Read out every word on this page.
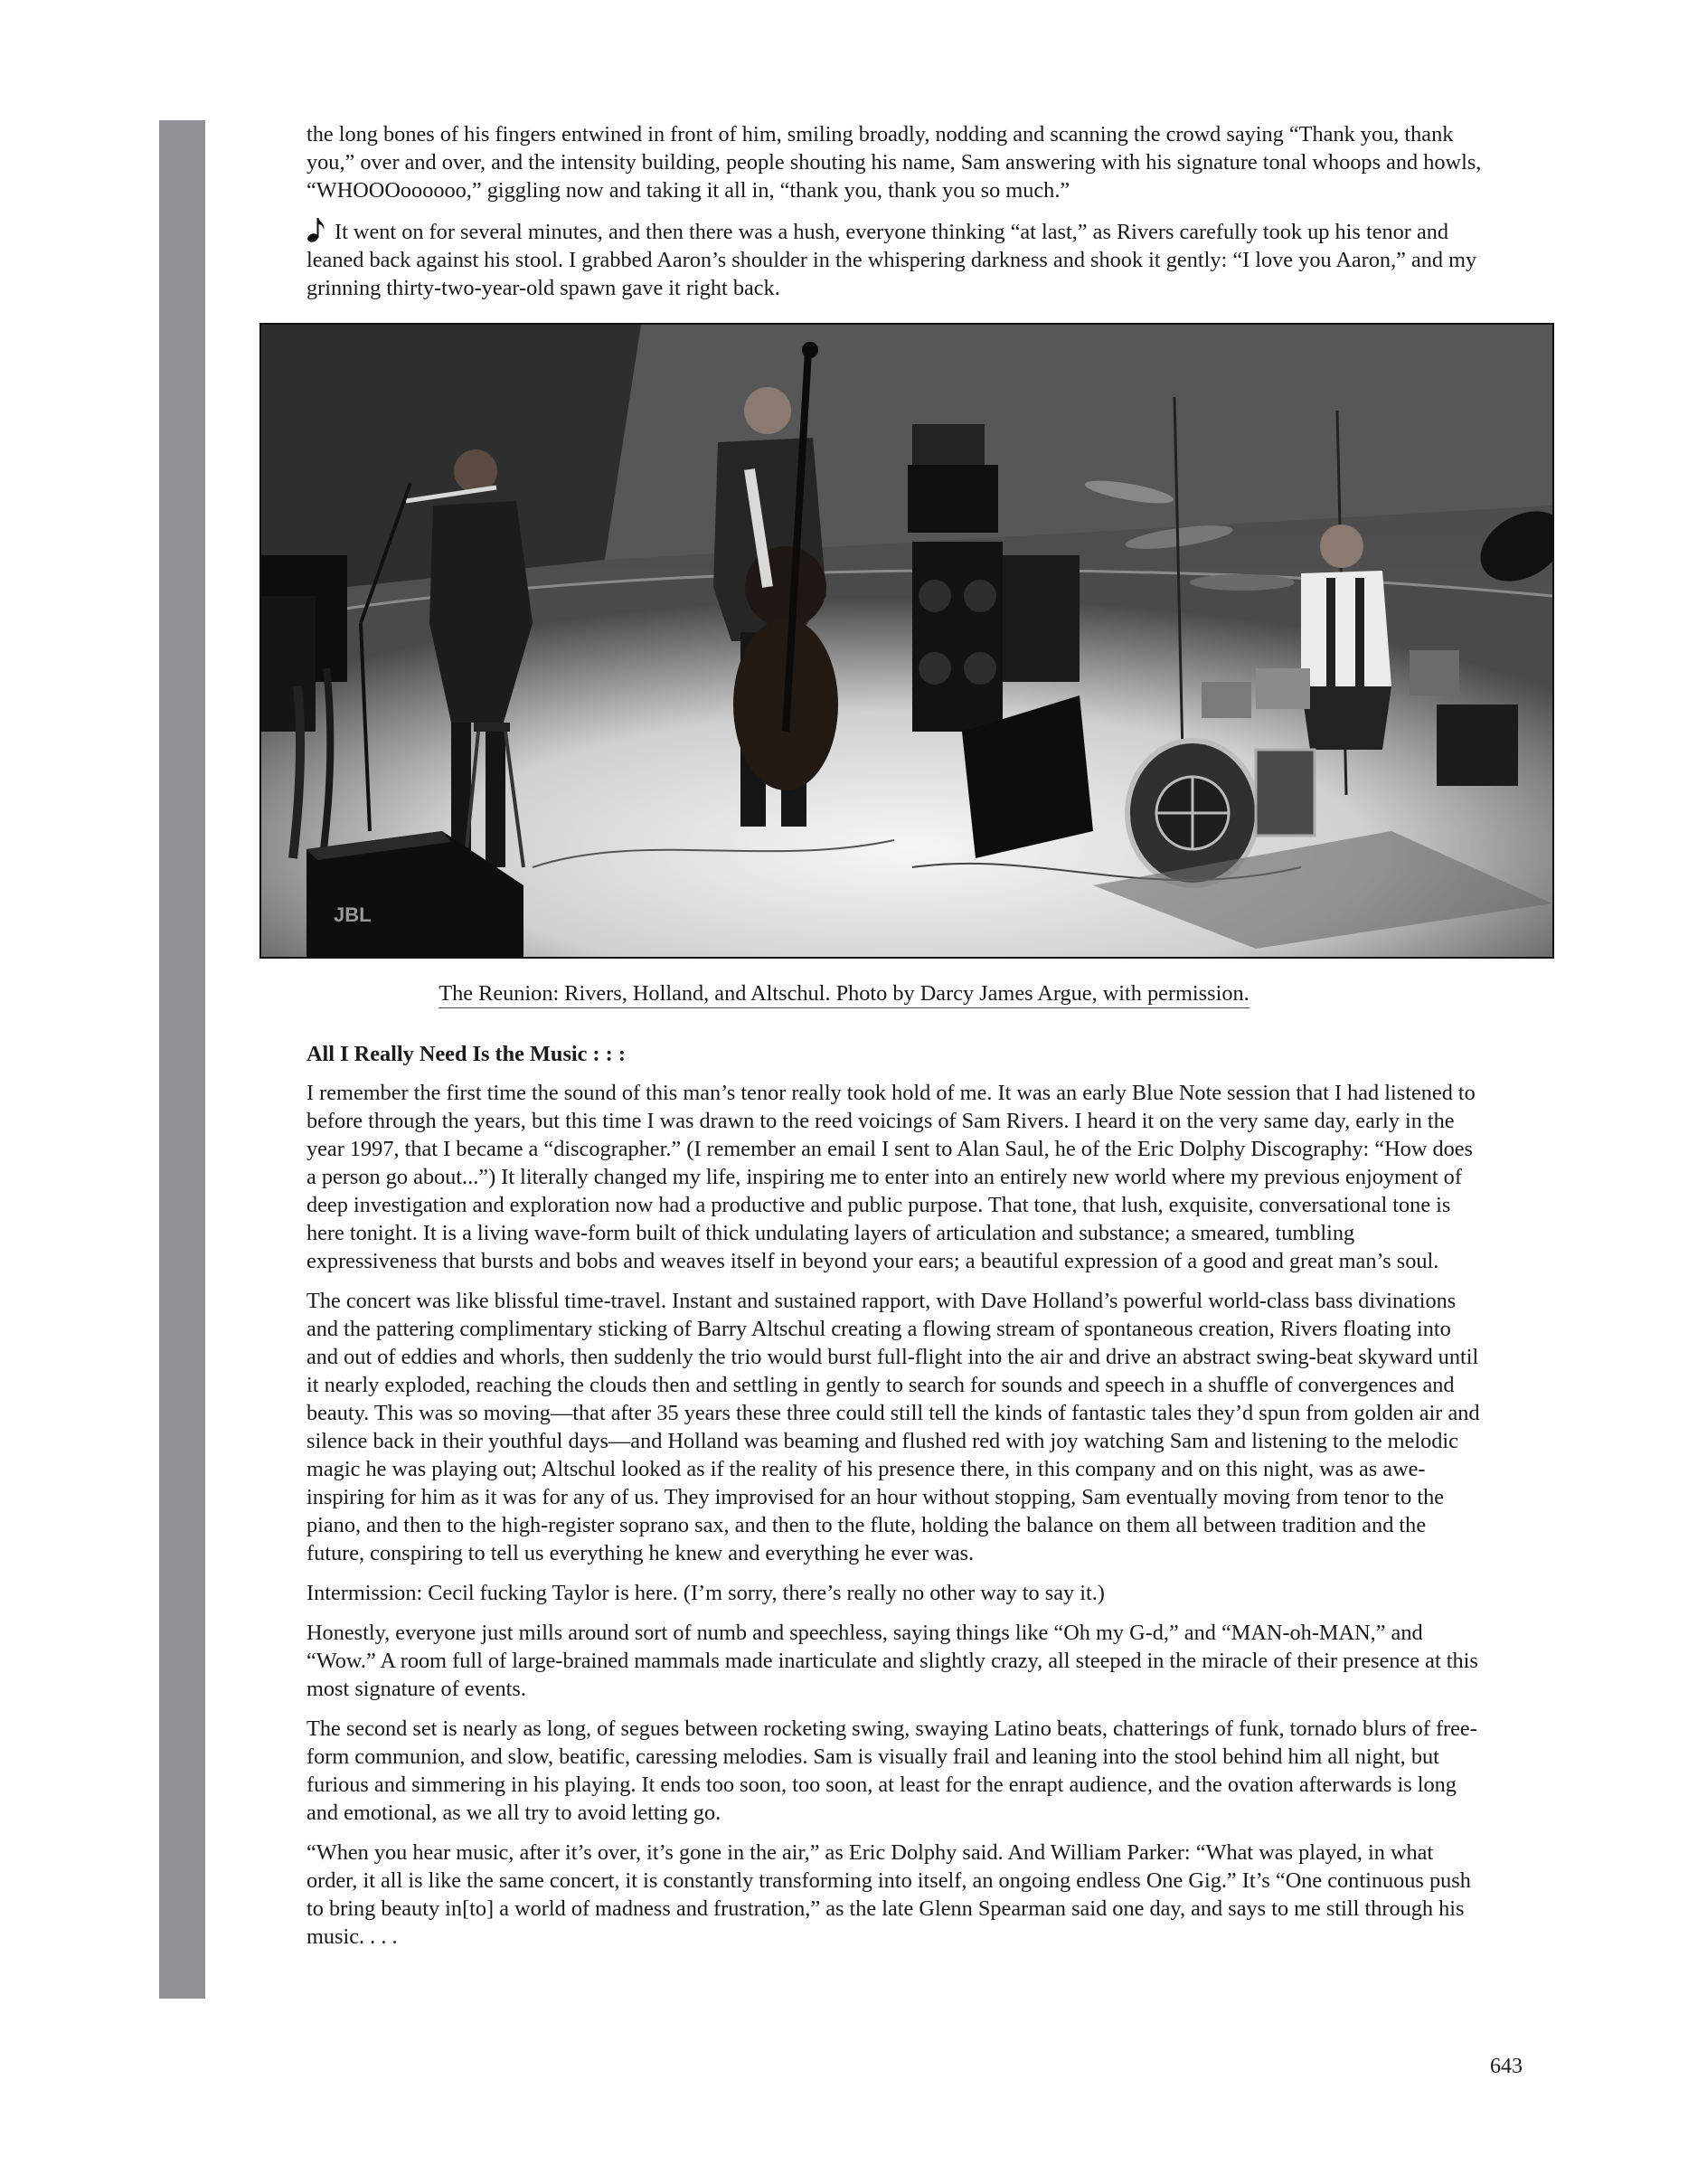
the long bones of his fingers entwined in front of him, smiling broadly, nodding and scanning the crowd saying “Thank you, thank you,” over and over, and the intensity building, people shouting his name, Sam answering with his signature tonal whoops and howls, “WHOOOoooooo,” giggling now and taking it all in, “thank you, thank you so much.”

It went on for several minutes, and then there was a hush, everyone thinking “at last,” as Rivers carefully took up his tenor and leaned back against his stool. I grabbed Aaron’s shoulder in the whispering darkness and shook it gently: “I love you Aaron,” and my grinning thirty-two-year-old spawn gave it right back.

JBL
The Reunion: Rivers, Holland, and Altschul. Photo by Darcy James Argue, with permission.

All I Really Need Is the Music : : :

I remember the first time the sound of this man’s tenor really took hold of me. It was an early Blue Note session that I had listened to before through the years, but this time I was drawn to the reed voicings of Sam Rivers. I heard it on the very same day, early in the year 1997, that I became a “discographer.” (I remember an email I sent to Alan Saul, he of the Eric Dolphy Discography: “How does a person go about...”) It literally changed my life, inspiring me to enter into an entirely new world where my previous enjoyment of deep investigation and exploration now had a productive and public purpose. That tone, that lush, exquisite, conversational tone is here tonight. It is a living wave-form built of thick undulating layers of articulation and substance; a smeared, tumbling expressiveness that bursts and bobs and weaves itself in beyond your ears; a beautiful expression of a good and great man’s soul.

The concert was like blissful time-travel. Instant and sustained rapport, with Dave Holland’s powerful world-class bass divinations and the pattering complimentary sticking of Barry Altschul creating a flowing stream of spontaneous creation, Rivers floating into and out of eddies and whorls, then suddenly the trio would burst full-flight into the air and drive an abstract swing-beat skyward until it nearly exploded, reaching the clouds then and settling in gently to search for sounds and speech in a shuffle of convergences and beauty. This was so moving—that after 35 years these three could still tell the kinds of fantastic tales they’d spun from golden air and silence back in their youthful days—and Holland was beaming and flushed red with joy watching Sam and listening to the melodic magic he was playing out; Altschul looked as if the reality of his presence there, in this company and on this night, was as awe-inspiring for him as it was for any of us. They improvised for an hour without stopping, Sam eventually moving from tenor to the piano, and then to the high-register soprano sax, and then to the flute, holding the balance on them all between tradition and the future, conspiring to tell us everything he knew and everything he ever was.

Intermission: Cecil fucking Taylor is here. (I’m sorry, there’s really no other way to say it.)

Honestly, everyone just mills around sort of numb and speechless, saying things like “Oh my G-d,” and “MAN-oh-MAN,” and “Wow.” A room full of large-brained mammals made inarticulate and slightly crazy, all steeped in the miracle of their presence at this most signature of events.

The second set is nearly as long, of segues between rocketing swing, swaying Latino beats, chatterings of funk, tornado blurs of free-form communion, and slow, beatific, caressing melodies. Sam is visually frail and leaning into the stool behind him all night, but furious and simmering in his playing. It ends too soon, too soon, at least for the enrapt audience, and the ovation afterwards is long and emotional, as we all try to avoid letting go.

“When you hear music, after it’s over, it’s gone in the air,” as Eric Dolphy said. And William Parker: “What was played, in what order, it all is like the same concert, it is constantly transforming into itself, an ongoing endless One Gig.” It’s “One continuous push to bring beauty in[to] a world of madness and frustration,” as the late Glenn Spearman said one day, and says to me still through his music. . . .

643
